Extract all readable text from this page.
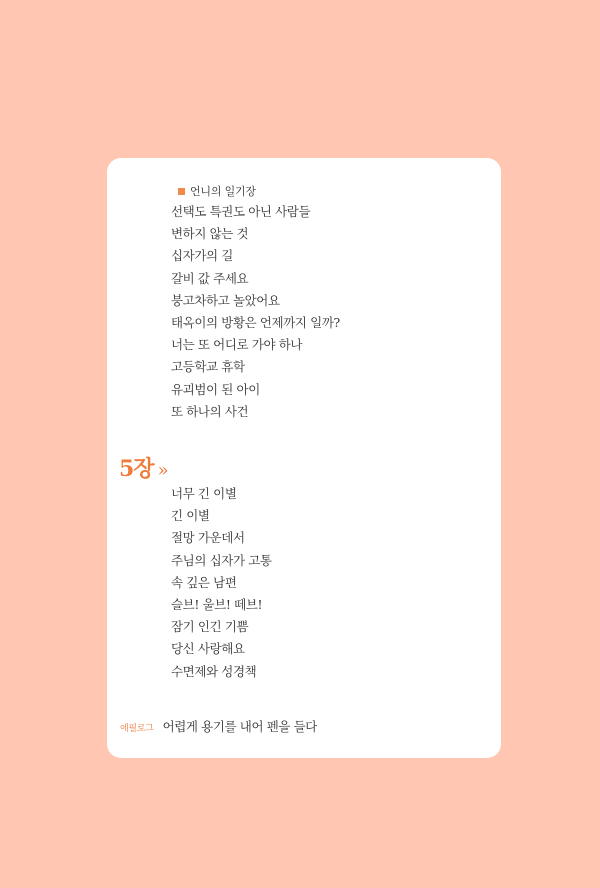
언니의 일기장
선택도 특권도 아닌 사람들
변하지 않는 것
십자가의 길
갈비 값 주세요
붕고차하고 놀았어요
태옥이의 방황은 언제까지 일까?
너는 또 어디로 가야 하나
고등학교 휴학
유괴범이 된 아이
또 하나의 사건
5장 »
너무 긴 이별
긴 이별
절망 가운데서
주님의 십자가 고통
속 깊은 남편
슬브! 울브! 떼브!
잠기 인긴 기쁨
당신 사랑해요
수면제와 성경책
에필로그 어렵게 용기를 내어 펜을 들다
